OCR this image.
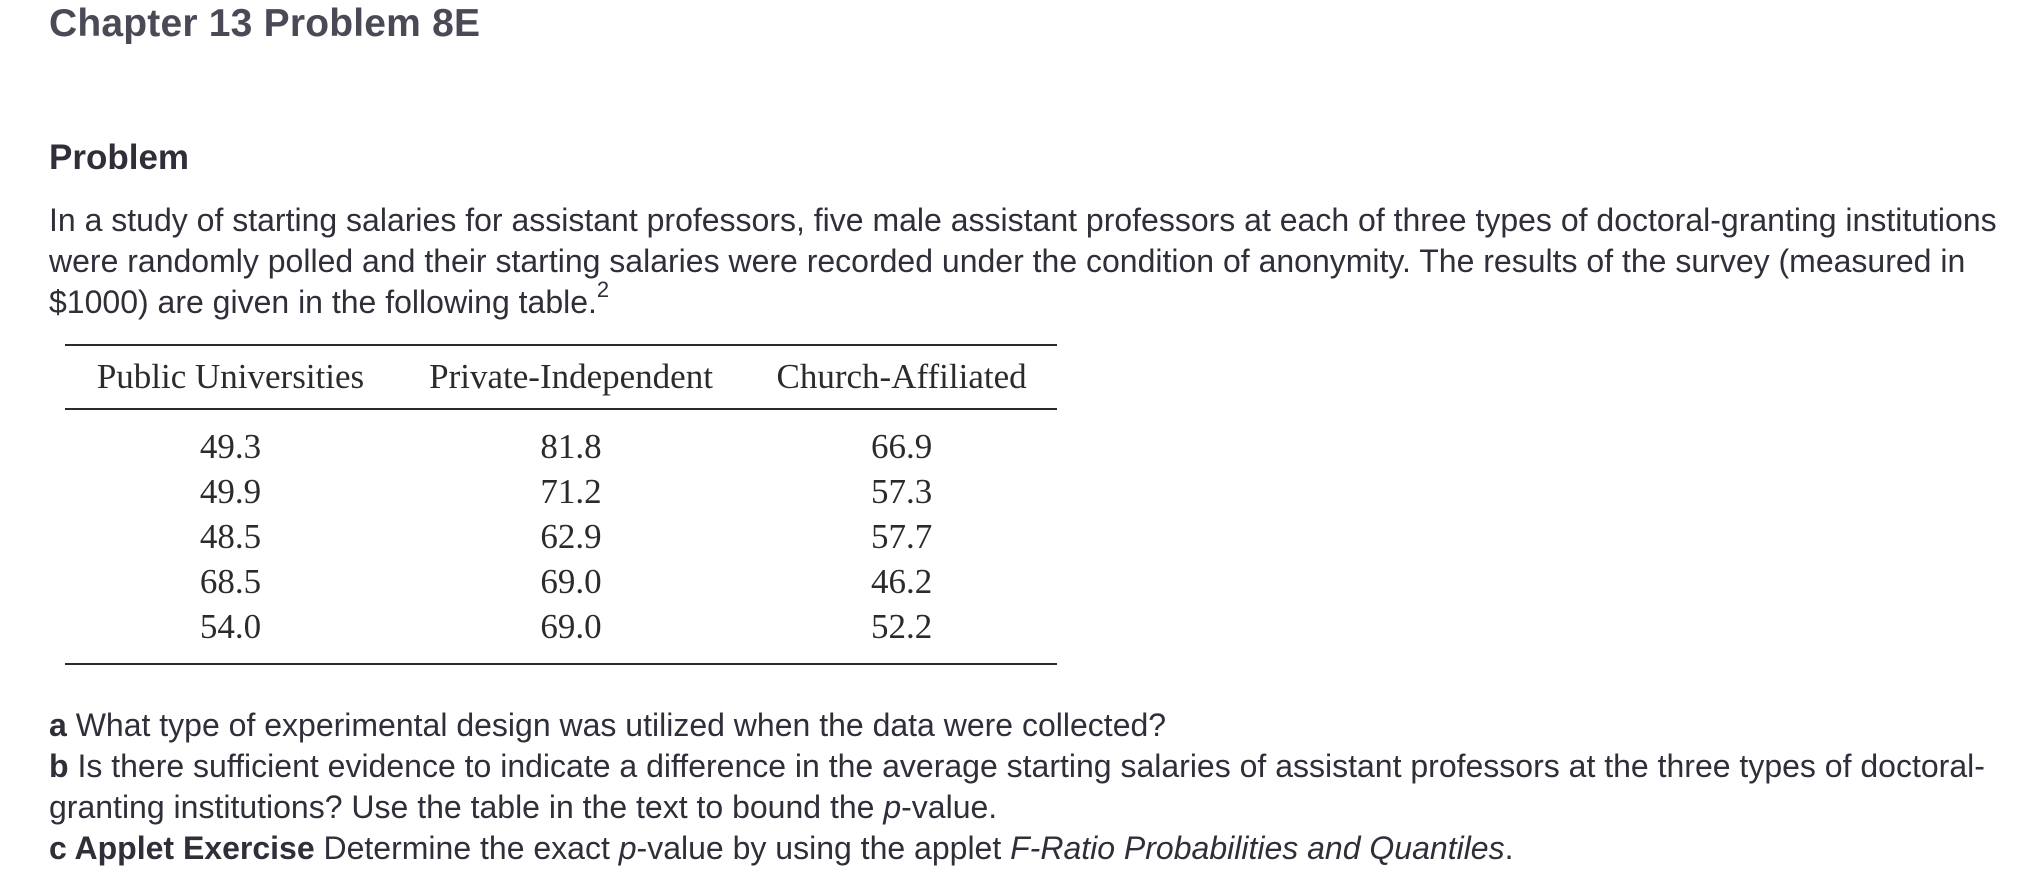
Chapter 13 Problem 8E
Problem

In a study of starting salaries for assistant professors, five male assistant professors at each of three types of doctoral-granting institutions were randomly polled and their starting salaries were recorded under the condition of anonymity. The results of the survey (measured in $1000) are given in the following table.$^2$

Public Universities	Private-Independent	Church-Affiliated
49.3	81.8	66.9
49.9	71.2	57.3
48.5	62.9	57.7
68.5	69.0	46.2
54.0	69.0	52.2

a What type of experimental design was utilized when the data were collected?

b Is there sufficient evidence to indicate a difference in the average starting salaries of assistant professors at the three types of doctoral-granting institutions? Use the table in the text to bound the p-value.

c Applet Exercise Determine the exact p-value by using the applet F-Ratio Probabilities and Quantiles.
